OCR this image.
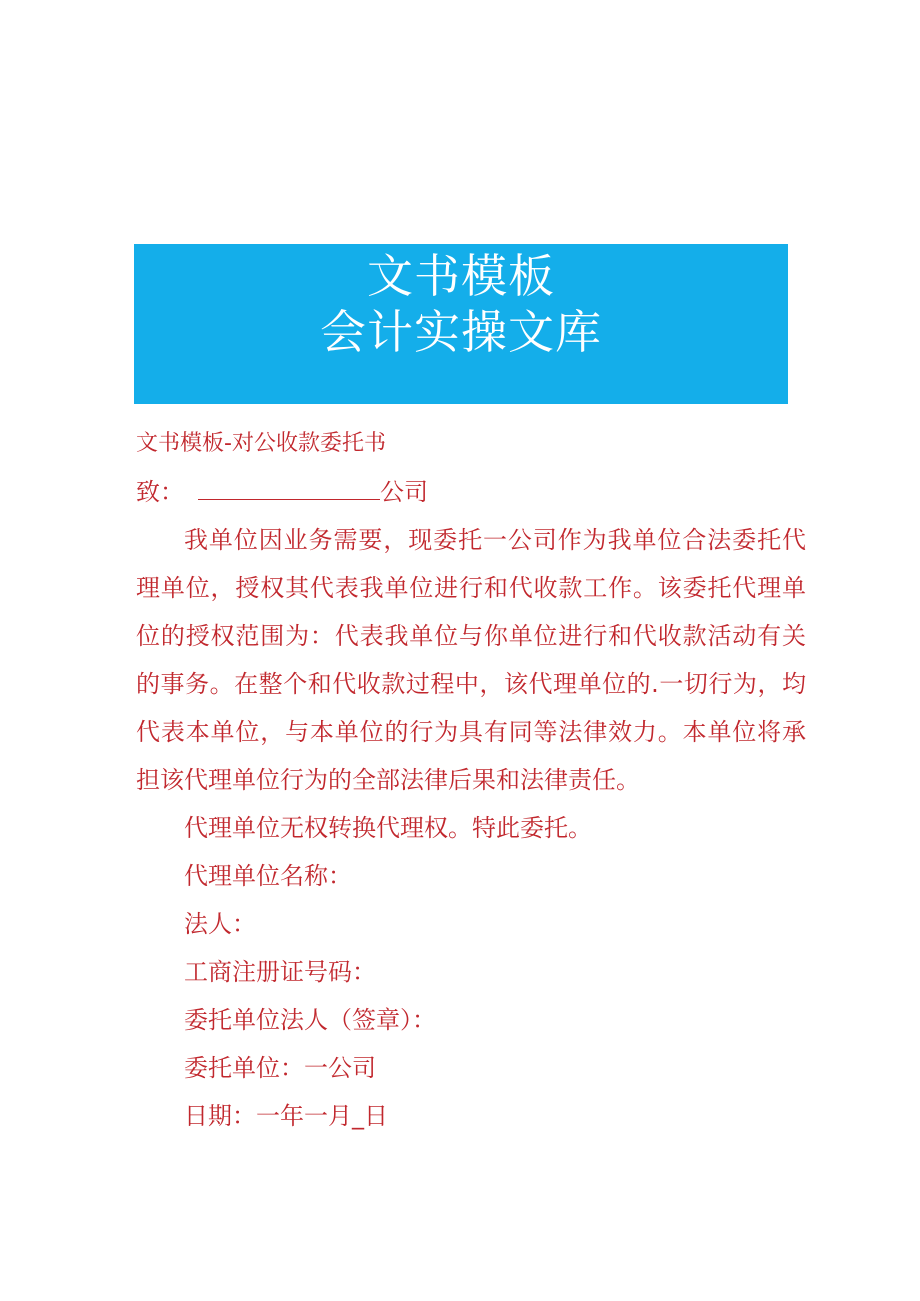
文书模板
会计实操文库

文书模板-对公收款委托书

致：	公司

我单位因业务需要，现委托一公司作为我单位合法委托代理单位，授权其代表我单位进行和代收款工作。该委托代理单位的授权范围为：代表我单位与你单位进行和代收款活动有关的事务。在整个和代收款过程中，该代理单位的.一切行为，均代表本单位，与本单位的行为具有同等法律效力。本单位将承担该代理单位行为的全部法律后果和法律责任。

代理单位无权转换代理权。特此委托。

代理单位名称：

法人：

工商注册证号码：

委托单位法人（签章）：

委托单位：一公司

日期：一年一月_日
